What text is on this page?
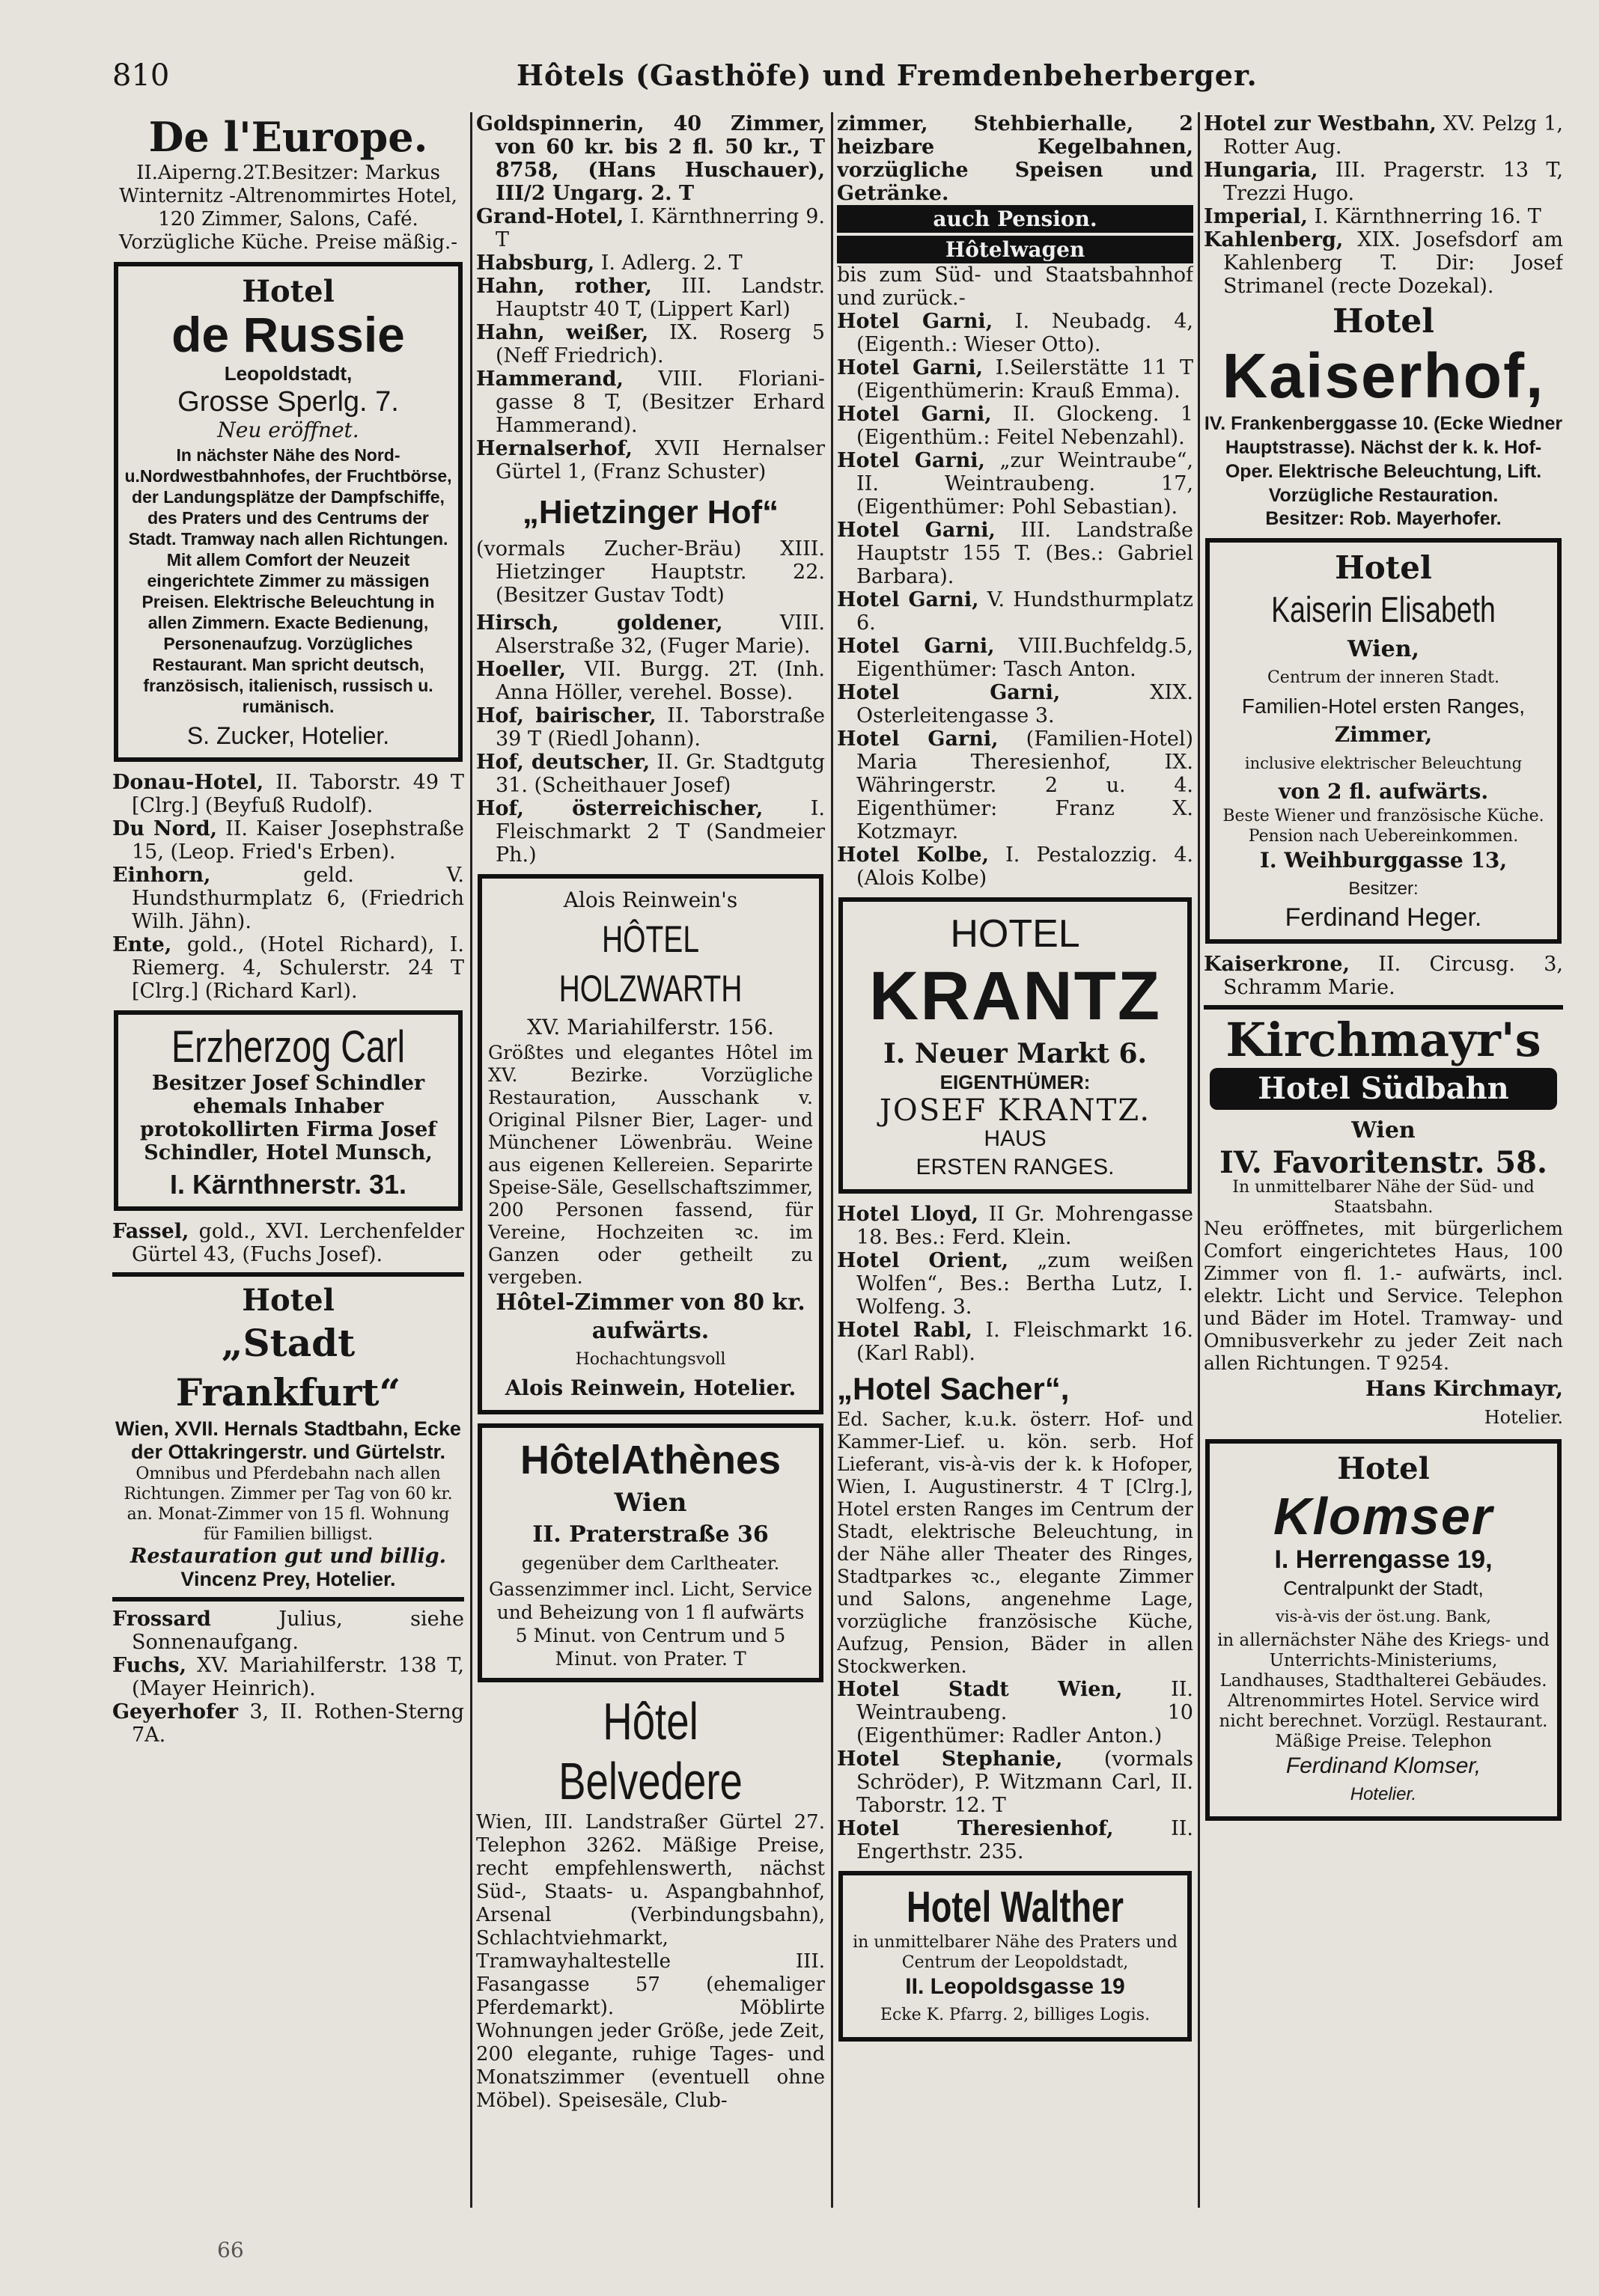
810	Hôtels (Gasthöfe) und Fremdenbeherberger.
De l'Europe.

II.Aiperng.2T.Besitzer: Markus Winternitz -Altrenommirtes Hotel, 120 Zimmer, Salons, Café. Vorzügliche Küche. Preise mäßig.-

Hotel
de Russie
Leopoldstadt,
Grosse Sperlg. 7.
Neu eröffnet.

In nächster Nähe des Nord-u.Nordwestbahnhofes, der Fruchtbörse, der Landungsplätze der Dampfschiffe, des Praters und des Centrums der Stadt. Tramway nach allen Richtungen. Mit allem Comfort der Neuzeit eingerichtete Zimmer zu mässigen Preisen. Elektrische Beleuchtung in allen Zimmern. Exacte Bedienung, Personenaufzug. Vorzügliches Restaurant. Man spricht deutsch, französisch, italienisch, russisch u. rumänisch.

S. Zucker, Hotelier.

Donau-Hotel, II. Taborstr. 49 T [Clrg.] (Beyfuß Rudolf).

Du Nord, II. Kaiser Josephstraße 15, (Leop. Fried's Erben).

Einhorn,	geld. V. Hundsthurmplatz 6, (Friedrich Wilh. Jähn).

Ente, gold., (Hotel Richard), I. Riemerg. 4, Schulerstr. 24 T [Clrg.] (Richard Karl).

Erzherzog Carl

Besitzer Josef Schindler ehemals Inhaber protokollirten Firma Josef Schindler, Hotel Munsch,

I. Kärnthnerstr. 31.

Fassel, gold., XVI. Lerchenfelder Gürtel 43, (Fuchs Josef).

Hotel
„Stadt Frankfurt“

Wien, XVII. Hernals Stadtbahn, Ecke der Ottakringerstr. und Gürtelstr.

Omnibus und Pferdebahn nach allen Richtungen. Zimmer per Tag von 60 kr. an. Monat-Zimmer von 15 fl. Wohnung für Familien billigst.

Restauration gut und billig.

Vincenz Prey, Hotelier.

Frossard	Julius, siehe Sonnenaufgang.

Fuchs, XV. Mariahilferstr. 138 T, (Mayer Heinrich).

Geyerhofer 3, II. Rothen-Sterng 7A.

Goldspinnerin, 40 Zimmer, von 60 kr. bis 2 fl. 50 kr., T 8758, (Hans Huschauer), III/2 Ungarg. 2. T

Grand-Hotel, I. Kärnthnerring 9. T

Habsburg, I. Adlerg. 2. T

Hahn, rother, III. Landstr. Hauptstr 40 T, (Lippert Karl)

Hahn, weißer, IX. Roserg 5 (Neff Friedrich).

Hammerand, VIII. Floriani-gasse 8 T, (Besitzer Erhard Hammerand).

Hernalserhof, XVII Hernalser Gürtel 1, (Franz Schuster)

„Hietzinger Hof“

(vormals Zucher-Bräu) XIII. Hietzinger Hauptstr. 22. (Besitzer Gustav Todt)

Hirsch, goldener,	VIII. Alserstraße 32, (Fuger Marie).

Hoeller, VII. Burgg. 2T. (Inh. Anna Höller, verehel. Bosse).

Hof, bairischer, II. Taborstraße 39 T (Riedl Johann).

Hof, deutscher, II. Gr. Stadtgutg 31. (Scheithauer Josef)

Hof, österreichischer, I. Fleischmarkt 2 T (Sandmeier Ph.)

Alois Reinwein's
HÔTEL HOLZWARTH
XV. Mariahilferstr. 156.

Größtes und elegantes Hôtel im XV. Bezirke. Vorzügliche Restauration, Ausschank v. Original Pilsner Bier, Lager- und Münchener Löwenbräu. Weine aus eigenen Kellereien. Separirte Speise-Säle, Gesellschaftszimmer, 200 Personen fassend, für Vereine, Hochzeiten ꝛc. im Ganzen oder getheilt zu vergeben.

Hôtel-Zimmer von 80 kr. aufwärts.
Hochachtungsvoll
Alois Reinwein, Hotelier.
HôtelAthènes
Wien
II. Praterstraße 36
gegenüber dem Carltheater.

Gassenzimmer incl. Licht, Service und Beheizung von 1 fl aufwärts 5 Minut. von Centrum und 5 Minut. von Prater. T

Hôtel Belvedere

Wien, III. Landstraßer Gürtel 27. Telephon 3262. Mäßige Preise, recht empfehlenswerth, nächst Süd-, Staats- u. Aspangbahnhof, Arsenal (Verbindungsbahn), Schlachtviehmarkt, Tramwayhaltestelle III. Fasangasse 57 (ehemaliger Pferdemarkt). Möblirte Wohnungen jeder Größe, jede Zeit, 200 elegante, ruhige Tages- und Monatszimmer (eventuell ohne Möbel). Speisesäle, Club-

zimmer, Stehbierhalle, 2 heizbare Kegelbahnen, vorzügliche Speisen und Getränke.

auch Pension.
Hôtelwagen

bis zum Süd- und Staatsbahnhof und zurück.-

Hotel Garni, I. Neubadg. 4, (Eigenth.: Wieser Otto).

Hotel Garni, I.Seilerstätte 11 T (Eigenthümerin: Krauß Emma).

Hotel Garni, II. Glockeng. 1 (Eigenthüm.: Feitel Nebenzahl).

Hotel Garni, „zur Weintraube“, II. Weintraubeng. 17, (Eigenthümer: Pohl Sebastian).

Hotel Garni, III. Landstraße Hauptstr 155 T. (Bes.: Gabriel Barbara).

Hotel Garni, V. Hundsthurmplatz 6.

Hotel Garni, VIII.Buchfeldg.5, Eigenthümer: Tasch Anton.

Hotel Garni,	XIX. Osterleitengasse 3.

Hotel Garni, (Familien-Hotel) Maria Theresienhof, IX. Währingerstr. 2 u. 4. Eigenthümer: Franz X. Kotzmayr.

Hotel Kolbe, I. Pestalozzig. 4. (Alois Kolbe)

HOTEL
KRANTZ
I. Neuer Markt 6.
EIGENTHÜMER:
JOSEF KRANTZ.
HAUS
ERSTEN RANGES.

Hotel Lloyd, II Gr. Mohrengasse 18. Bes.: Ferd. Klein.

Hotel Orient, „zum weißen Wolfen“, Bes.: Bertha Lutz, I. Wolfeng. 3.

Hotel Rabl, I. Fleischmarkt 16. (Karl Rabl).

„Hotel Sacher“,

Ed. Sacher, k.u.k. österr. Hof- und Kammer-Lief. u. kön. serb. Hof Lieferant, vis-à-vis der k. k Hofoper, Wien, I. Augustinerstr. 4 T [Clrg.], Hotel ersten Ranges im Centrum der Stadt, elektrische Beleuchtung, in der Nähe aller Theater des Ringes, Stadtparkes ꝛc., elegante Zimmer und Salons, angenehme Lage, vorzügliche französische Küche, Aufzug, Pension, Bäder in allen Stockwerken.

Hotel Stadt Wien, II. Weintraubeng. 10 (Eigenthümer: Radler Anton.)

Hotel Stephanie, (vormals Schröder), P. Witzmann Carl, II. Taborstr. 12. T

Hotel Theresienhof,	II. Engerthstr. 235.

Hotel Walther

in unmittelbarer Nähe des Praters und Centrum der Leopoldstadt,

II. Leopoldsgasse 19
Ecke K. Pfarrg. 2, billiges Logis.

Hotel zur Westbahn, XV. Pelzg 1, Rotter Aug.

Hungaria, III. Pragerstr. 13 T, Trezzi Hugo.

Imperial, I. Kärnthnerring 16. T

Kahlenberg, XIX. Josefsdorf am Kahlenberg T. Dir: Josef Strimanel (recte Dozekal).

Hotel
Kaiserhof,

IV. Frankenberggasse 10. (Ecke Wiedner Hauptstrasse). Nächst der k. k. Hof-Oper. Elektrische Beleuchtung, Lift. Vorzügliche Restauration.

Besitzer: Rob. Mayerhofer.

Hotel
Kaiserin Elisabeth
Wien,
Centrum der inneren Stadt.
Familien-Hotel ersten Ranges,
Zimmer,
inclusive elektrischer Beleuchtung
von 2 fl. aufwärts.

Beste Wiener und französische Küche. Pension nach Uebereinkommen.

I. Weihburggasse 13,
Besitzer:
Ferdinand Heger.

Kaiserkrone, II. Circusg. 3, Schramm Marie.

Kirchmayr's
Hotel Südbahn
Wien
IV. Favoritenstr. 58.

In unmittelbarer Nähe der Süd- und Staatsbahn.

Neu eröffnetes, mit bürgerlichem Comfort eingerichtetes Haus, 100 Zimmer von fl. 1.- aufwärts, incl. elektr. Licht und Service. Telephon und Bäder im Hotel. Tramway- und Omnibusverkehr zu jeder Zeit nach allen Richtungen. T 9254.

Hans Kirchmayr,
Hotelier.
Hotel
Klomser
I. Herrengasse 19,
Centralpunkt der Stadt,
vis-à-vis der öst.ung. Bank,

in allernächster Nähe des Kriegs- und Unterrichts-Ministeriums, Landhauses, Stadthalterei Gebäudes. Altrenommirtes Hotel. Service wird nicht berechnet. Vorzügl. Restaurant. Mäßige Preise. Telephon

Ferdinand Klomser,
Hotelier.
66
